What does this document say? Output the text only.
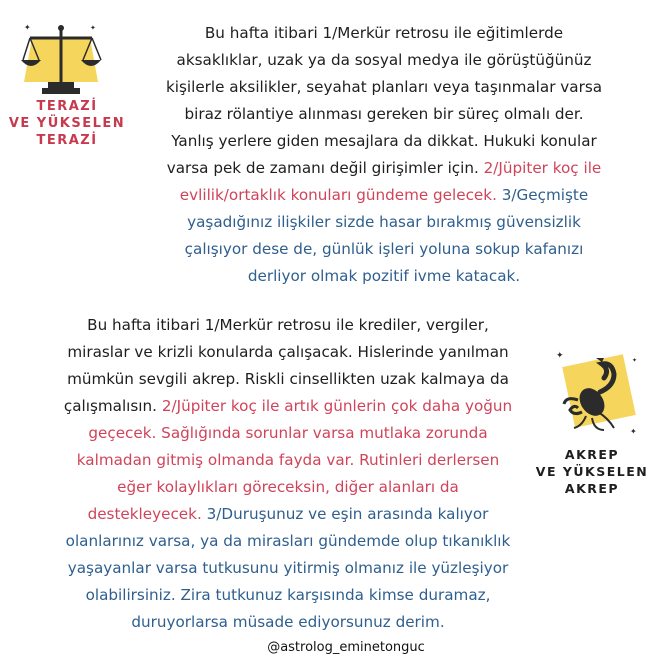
✦	✦
TERAZİ
VE YÜKSELEN
TERAZİ
Bu hafta itibari 1/Merkür retrosu ile eğitimlerde
aksaklıklar, uzak ya da sosyal medya ile görüştüğünüz
kişilerle aksilikler, seyahat planları veya taşınmalar varsa
biraz rölantiye alınması gereken bir süreç olmalı der.
Yanlış yerlere giden mesajlara da dikkat. Hukuki konular
varsa pek de zamanı değil girişimler için. 2/Jüpiter koç ile
evlilik/ortaklık konuları gündeme gelecek. 3/Geçmişte
yaşadığınız ilişkiler sizde hasar bırakmış güvensizlik
çalışıyor dese de, günlük işleri yoluna sokup kafanızı
derliyor olmak pozitif ivme katacak.
Bu hafta itibari 1/Merkür retrosu ile krediler, vergiler,
miraslar ve krizli konularda çalışacak. Hislerinde yanılman
mümkün sevgili akrep. Riskli cinsellikten uzak kalmaya da
çalışmalısın. 2/Jüpiter koç ile artık günlerin çok daha yoğun
geçecek. Sağlığında sorunlar varsa mutlaka zorunda
kalmadan gitmiş olmanda fayda var. Rutinleri derlersen
eğer kolaylıkları göreceksin, diğer alanları da
destekleyecek. 3/Duruşunuz ve eşin arasında kalıyor
olanlarınız varsa, ya da mirasları gündemde olup tıkanıklık
yaşayanlar varsa tutkusunu yitirmiş olmanız ile yüzleşiyor
olabilirsiniz. Zira tutkunuz karşısında kimse duramaz,
duruyorlarsa müsade ediyorsunuz derim.
✦
✦
✦
AKREP
VE YÜKSELEN
AKREP
@astrolog_eminetonguc
